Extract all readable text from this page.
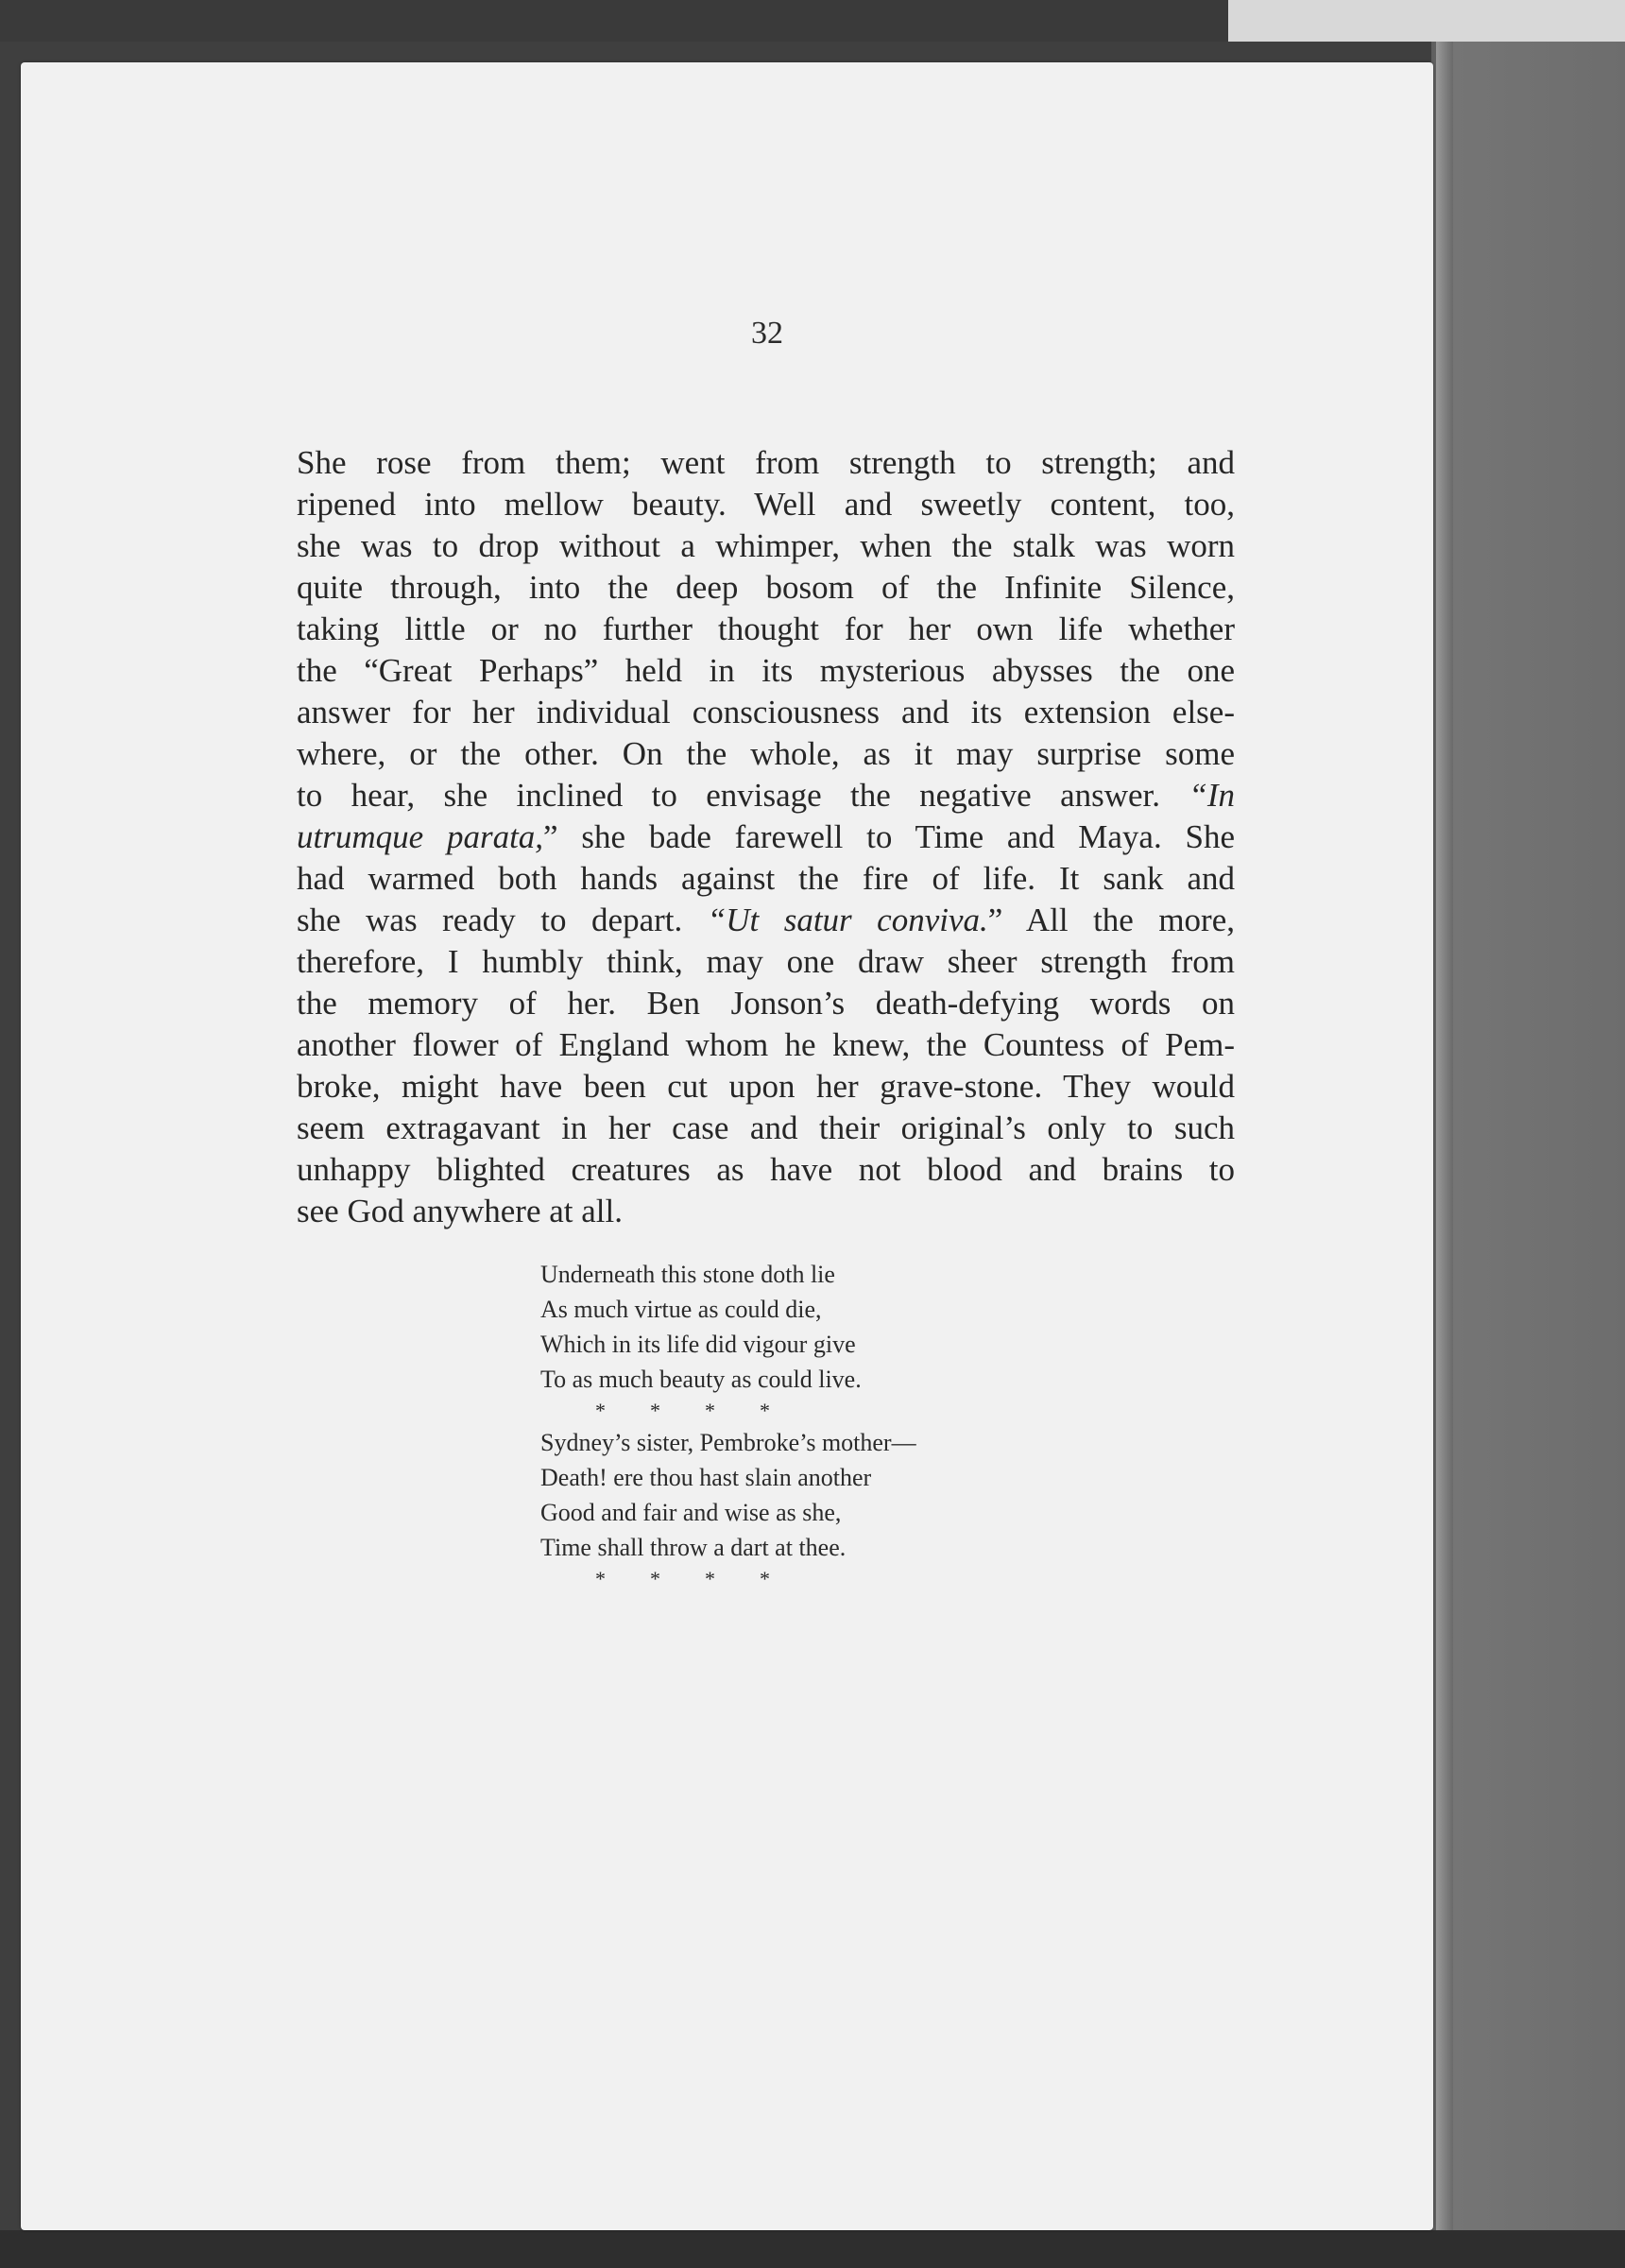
32

She rose from them; went from strength to strength; and
ripened into mellow beauty. Well and sweetly content, too,
she was to drop without a whimper, when the stalk was worn
quite through, into the deep bosom of the Infinite Silence,
taking little or no further thought for her own life whether
the “Great Perhaps” held in its mysterious abysses the one
answer for her individual consciousness and its extension else-
where, or the other. On the whole, as it may surprise some
to hear, she inclined to envisage the negative answer. “In
utrumque parata,” she bade farewell to Time and Maya. She
had warmed both hands against the fire of life. It sank and
she was ready to depart. “Ut satur conviva.” All the more,
therefore, I humbly think, may one draw sheer strength from
the memory of her. Ben Jonson’s death-defying words on
another flower of England whom he knew, the Countess of Pem-
broke, might have been cut upon her grave-stone. They would
seem extragavant in her case and their original’s only to such
unhappy blighted creatures as have not blood and brains to
see God anywhere at all.
Underneath this stone doth lie
As much virtue as could die,
Which in its life did vigour give
To as much beauty as could live.
*      *      *      *
Sydney’s sister, Pembroke’s mother—
Death! ere thou hast slain another
Good and fair and wise as she,
Time shall throw a dart at thee.
*      *      *      *
